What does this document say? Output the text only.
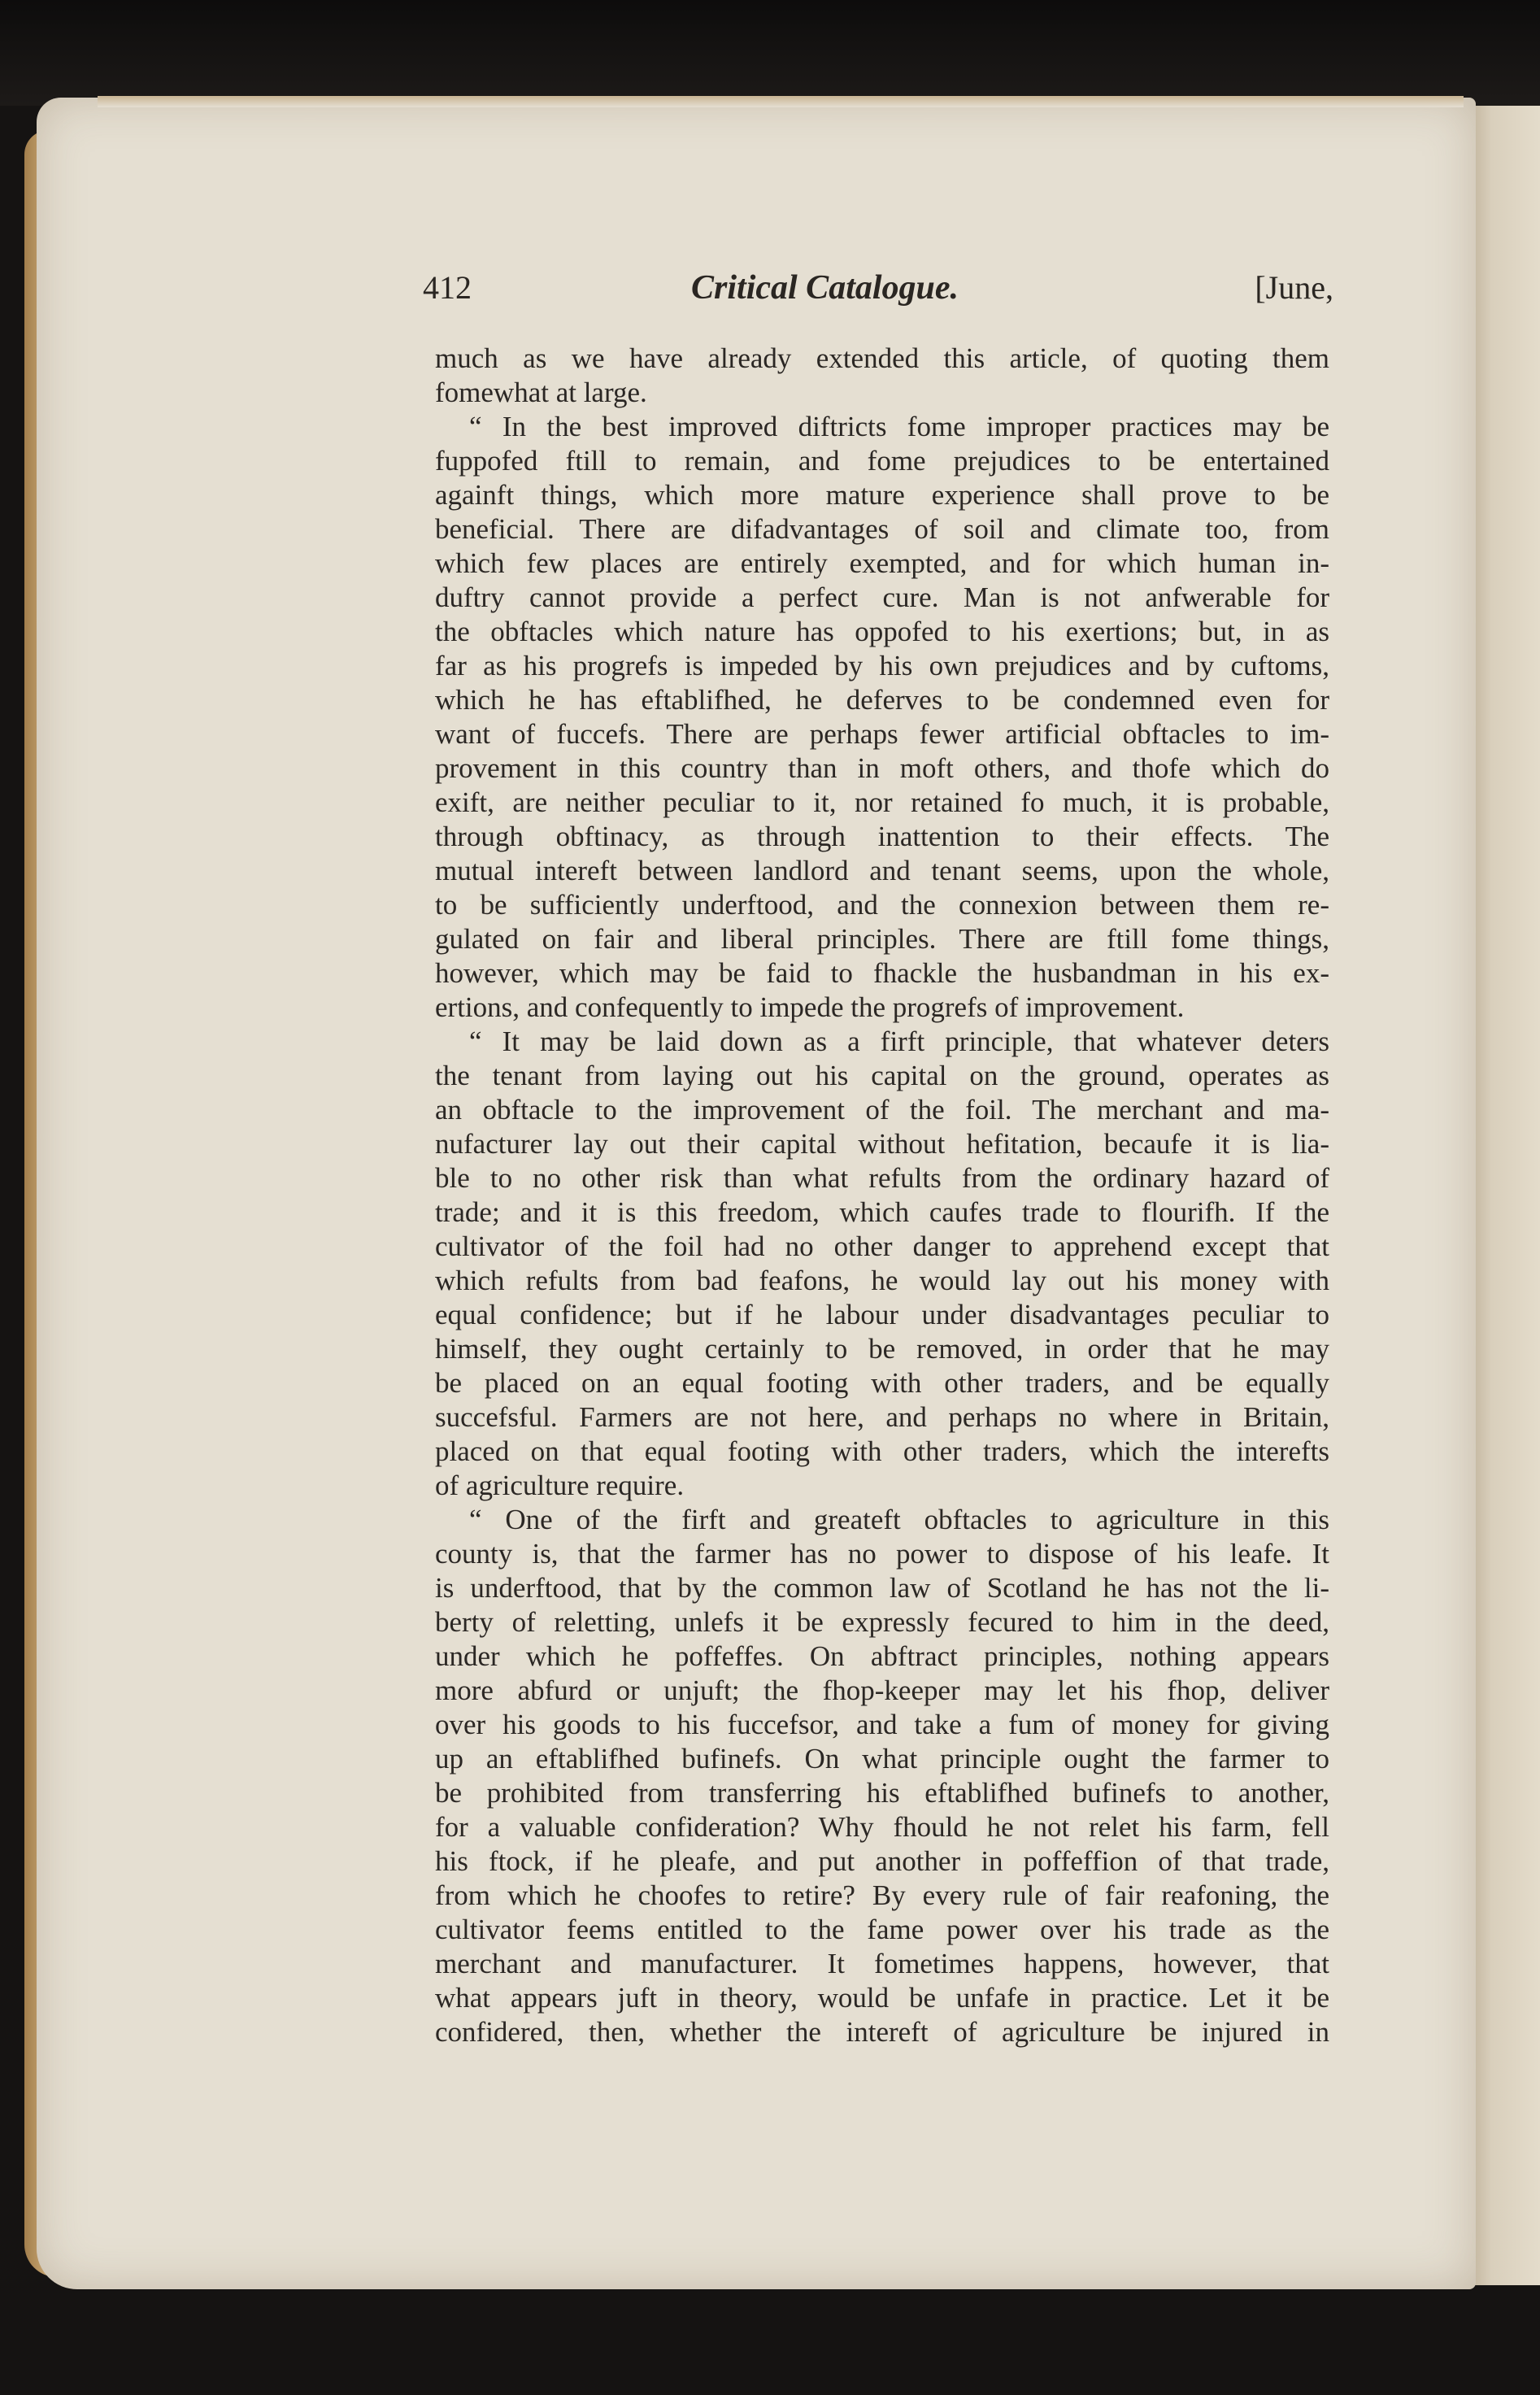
412	Critical Catalogue.	[June,
much as we have already extended this article, of quoting them
fomewhat at large.
“ In the best improved diftricts fome improper practices may be
fuppofed ftill to remain, and fome prejudices to be entertained
againft things, which more mature experience shall prove to be
beneficial. There are difadvantages of soil and climate too, from
which few places are entirely exempted, and for which human in-
duftry cannot provide a perfect cure. Man is not anfwerable for
the obftacles which nature has oppofed to his exertions; but, in as
far as his progrefs is impeded by his own prejudices and by cuftoms,
which he has eftablifhed, he deferves to be condemned even for
want of fuccefs. There are perhaps fewer artificial obftacles to im-
provement in this country than in moft others, and thofe which do
exift, are neither peculiar to it, nor retained fo much, it is probable,
through obftinacy, as through inattention to their effects. The
mutual intereft between landlord and tenant seems, upon the whole,
to be sufficiently underftood, and the connexion between them re-
gulated on fair and liberal principles. There are ftill fome things,
however, which may be faid to fhackle the husbandman in his ex-
ertions, and confequently to impede the progrefs of improvement.
“ It may be laid down as a firft principle, that whatever deters
the tenant from laying out his capital on the ground, operates as
an obftacle to the improvement of the foil. The merchant and ma-
nufacturer lay out their capital without hefitation, becaufe it is lia-
ble to no other risk than what refults from the ordinary hazard of
trade; and it is this freedom, which caufes trade to flourifh. If the
cultivator of the foil had no other danger to apprehend except that
which refults from bad feafons, he would lay out his money with
equal confidence; but if he labour under disadvantages peculiar to
himself, they ought certainly to be removed, in order that he may
be placed on an equal footing with other traders, and be equally
succefsful. Farmers are not here, and perhaps no where in Britain,
placed on that equal footing with other traders, which the interefts
of agriculture require.
“ One of the firft and greateft obftacles to agriculture in this
county is, that the farmer has no power to dispose of his leafe. It
is underftood, that by the common law of Scotland he has not the li-
berty of reletting, unlefs it be expressly fecured to him in the deed,
under which he poffeffes. On abftract principles, nothing appears
more abfurd or unjuft; the fhop-keeper may let his fhop, deliver
over his goods to his fuccefsor, and take a fum of money for giving
up an eftablifhed bufinefs. On what principle ought the farmer to
be prohibited from transferring his eftablifhed bufinefs to another,
for a valuable confideration? Why fhould he not relet his farm, fell
his ftock, if he pleafe, and put another in poffeffion of that trade,
from which he choofes to retire? By every rule of fair reafoning, the
cultivator feems entitled to the fame power over his trade as the
merchant and manufacturer. It fometimes happens, however, that
what appears juft in theory, would be unfafe in practice. Let it be
confidered, then, whether the intereft of agriculture be injured in
